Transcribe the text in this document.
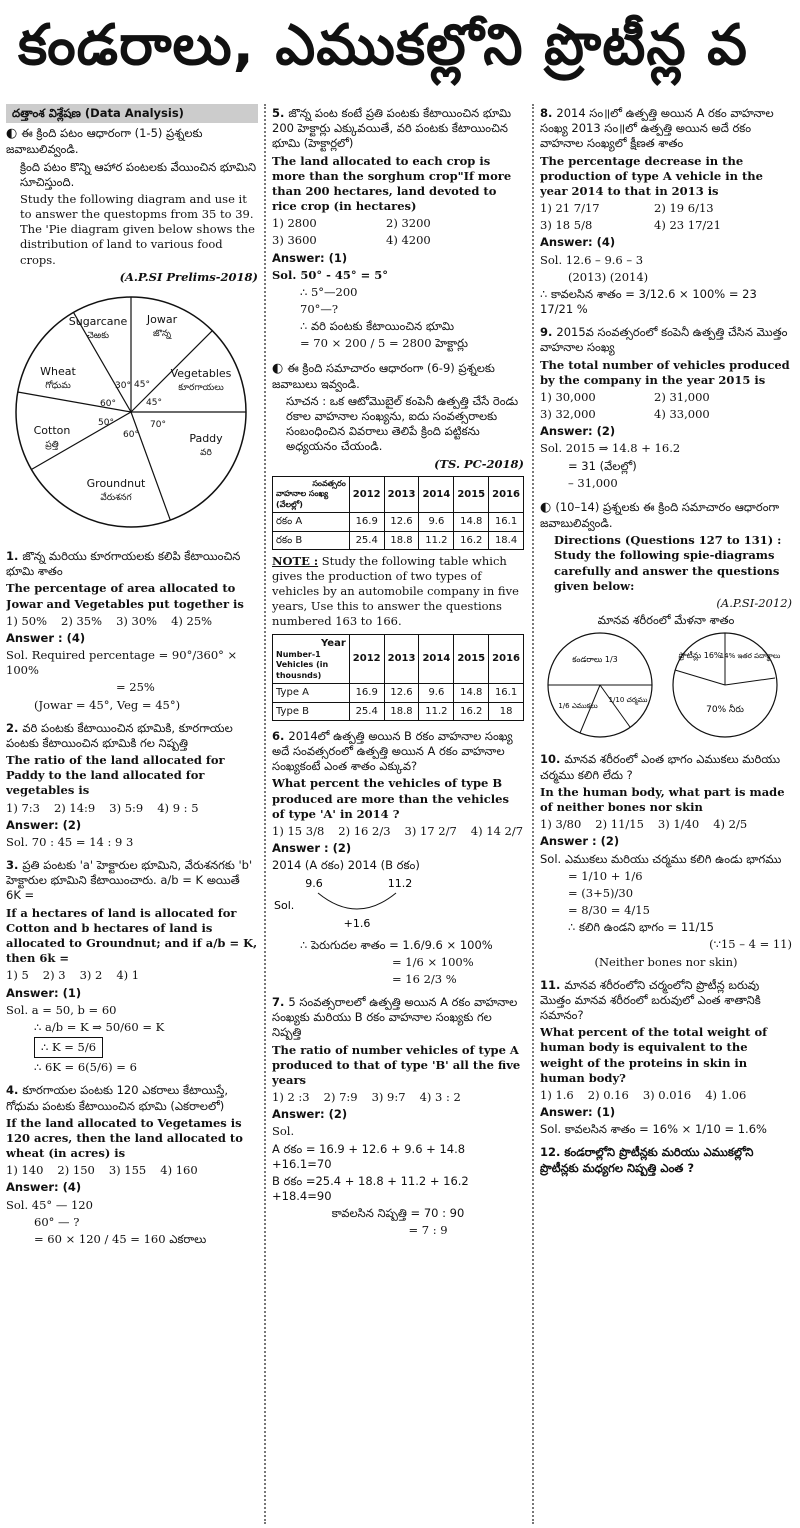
కండరాలు, ఎముకల్లోని ప్రొటీన్ల వ
దత్తాంశ విశ్లేషణ (Data Analysis)

◐ ఈ క్రింది పటం ఆధారంగా (1-5) ప్రశ్నలకు జవాబులివ్వండి.

క్రింది పటం కొన్ని ఆహార పంటలకు వేయించిన భూమిని సూచిస్తుంది.

Study the following diagram and use it to answer the questopms from 35 to 39. The 'Pie diagram given below shows the distribution of land to various food crops.

(A.P.SI Prelims-2018)

Sugarcane
చెఱకు
Jowar
జొన్న
Wheat
గోధుమ
Vegetables
కూరగాయలు
Cotton
ప్రత్తి	Paddy
వరి
Groundnut
వేరుశనగ
30° 45°
45°
60°
50°
60°
70°

1. జొన్న మరియు కూరగాయలకు కలిపి కేటాయించిన భూమి శాతం

The percentage of area allocated to Jowar and Vegetables put together is

1) 50% 2) 35% 3) 30% 4) 25%

Answer : (4)

Sol. Required percentage = 90°/360° × 100%

= 25%

(Jowar = 45°, Veg = 45°)

2. వరి పంటకు కేటాయించిన భూమికి, కూరగాయల పంటకు కేటాయించిన భూమికి గల నిష్పత్తి

The ratio of the land allocated for Paddy to the land allocated for vegetables is

1) 7:3 2) 14:9 3) 5:9 4) 9 : 5

Answer: (2)

Sol. 70 : 45 = 14 : 9 3

3. ప్రతి పంటకు 'a' హెక్టారుల భూమిని, వేరుశనగకు 'b' హెక్టారుల భూమిని కేటాయించారు. a/b = K అయితే 6K =

If a hectares of land is allocated for Cotton and b hectares of land is allocated to Groundnut; and if a/b = K, then 6k =

1) 5 2) 3 3) 2 4) 1

Answer: (1)

Sol. a = 50, b = 60

∴ a/b = K ⇒ 50/60 = K

∴ K = 5/6

∴ 6K = 6(5/6) = 6

4. కూరగాయల పంటకు 120 ఎకరాలు కేటాయిస్తే, గోధుమ పంటకు కేటాయించిన భూమి (ఎకరాలలో)

If the land allocated to Vegetames is 120 acres, then the land allocated to wheat (in acres) is

1) 140 2) 150 3) 155 4) 160

Answer: (4)

Sol. 45° — 120

60° — ?

= 60 × 120 / 45 = 160 ఎకరాలు

5. జొన్న పంట కంటే ప్రతి పంటకు కేటాయించిన భూమి 200 హెక్టార్లు ఎక్కువయితే, వరి పంటకు కేటాయించిన భూమి (హెక్టార్లలో)

The land allocated to each crop is more than the sorghum crop"If more than 200 hectares, land devoted to rice crop (in hectares)

1) 2800	2) 3200
3) 3600	4) 4200

Answer: (1)

Sol. 50° - 45° = 5°

∴ 5°—200

70°—?

∴ వరి పంటకు కేటాయించిన భూమి

= 70 × 200 / 5 = 2800 హెక్టార్లు

◐ ఈ క్రింది సమాచారం ఆధారంగా (6-9) ప్రశ్నలకు జవాబులు ఇవ్వండి.

సూచన : ఒక ఆటోమొబైల్ కంపెనీ ఉత్పత్తి చేసే రెండు రకాల వాహనాల సంఖ్యను, ఐదు సంవత్సరాలకు సంబంధించిన వివరాలు తెలిపే క్రింది పట్టికను అధ్యయనం చేయండి.

(TS. PC-2018)

సంవత్సరం
వాహనాల సంఖ్య (వేలల్లో)	2012	2013	2014	2015	2016
రకం A	16.9	12.6	9.6	14.8	16.1
రకం B	25.4	18.8	11.2	16.2	18.4

NOTE : Study the following table which gives the production of two types of vehicles by an automobile company in five years, Use this to answer the questions numbered 163 to 166.

Year
Number-1 Vehicles (in thousnds)	2012	2013	2014	2015	2016
Type A	16.9	12.6	9.6	14.8	16.1
Type B	25.4	18.8	11.2	16.2	18

6. 2014లో ఉత్పత్తి అయిన B రకం వాహనాల సంఖ్య అదే సంవత్సరంలో ఉత్పత్తి అయిన A రకం వాహనాల సంఖ్యకంటే ఎంత శాతం ఎక్కువ?

What percent the vehicles of type B produced are more than the vehicles of type 'A' in 2014 ?

1) 15 3/8 2) 16 2/3 3) 17 2/7 4) 14 2/7

Answer : (2)

2014 (A రకం) 2014 (B రకం)

9.6	11.2
Sol.
+1.6

∴ పెరుగుదల శాతం = 1.6/9.6 × 100%

= 1/6 × 100%

= 16 2/3 %

7. 5 సంవత్సరాలలో ఉత్పత్తి అయిన A రకం వాహనాల సంఖ్యకు మరియు B రకం వాహనాల సంఖ్యకు గల నిష్పత్తి

The ratio of number vehicles of type A produced to that of type 'B' all the five years

1) 2 :3 2) 7:9 3) 9:7 4) 3 : 2

Answer: (2)

Sol.

A రకం = 16.9 + 12.6 + 9.6 + 14.8 +16.1=70

B రకం =25.4 + 18.8 + 11.2 + 16.2 +18.4=90

కావలసిన నిష్పత్తి = 70 : 90

= 7 : 9

8. 2014 సం॥లో ఉత్పత్తి అయిన A రకం వాహనాల సంఖ్య 2013 సం॥లో ఉత్పత్తి అయిన అదే రకం వాహనాల సంఖ్యలో క్షీణత శాతం

The percentage decrease in the production of type A vehicle in the year 2014 to that in 2013 is

1) 21 7/17	2) 19 6/13
3) 18 5/8	4) 23 17/21

Answer: (4)

Sol. 12.6 – 9.6 – 3

(2013) (2014)

∴ కావలసిన శాతం = 3/12.6 × 100% = 23 17/21 %

9. 2015వ సంవత్సరంలో కంపెనీ ఉత్పత్తి చేసిన మొత్తం వాహనాల సంఖ్య

The total number of vehicles produced by the company in the year 2015 is

1) 30,000	2) 31,000
3) 32,000	4) 33,000

Answer: (2)

Sol. 2015 ⇒ 14.8 + 16.2

= 31 (వేలల్లో)

– 31,000

◐ (10–14) ప్రశ్నలకు ఈ క్రింది సమాచారం ఆధారంగా జవాబులివ్వండి.

Directions (Questions 127 to 131) : Study the following spie-diagrams carefully and answer the questions given below:

(A.P.SI-2012)

మానవ శరీరంలో మేళనా శాతం

కండరాలు 1/3
1/10 చర్మము
1/6 ఎముకలు
ప్రొటీన్లు 16%
14% ఇతర పదార్థాలు
70% నీరు

10. మానవ శరీరంలో ఎంత భాగం ఎముకలు మరియు చర్మము కలిగి లేదు ?

In the human body, what part is made of neither bones nor skin

1) 3/80 2) 11/15 3) 1/40 4) 2/5

Answer : (2)

Sol. ఎముకలు మరియు చర్మము కలిగి ఉండు భాగము

= 1/10 + 1/6

= (3+5)/30

= 8/30 = 4/15

∴ కలిగి ఉండని భాగం = 11/15

(∵15 – 4 = 11)

(Neither bones nor skin)

11. మానవ శరీరంలోని చర్మంలోని ప్రొటీన్ల బరువు మొత్తం మానవ శరీరంలో బరువులో ఎంత శాతానికి సమానం?

What percent of the total weight of human body is equivalent to the weight of the proteins in skin in human body?

1) 1.6 2) 0.16 3) 0.016 4) 1.06

Answer: (1)

Sol. కావలసిన శాతం = 16% × 1/10 = 1.6%

12. కండరాల్లోని ప్రొటీన్లకు మరియు ఎముకల్లోని ప్రొటీన్లకు మధ్యగల నిష్పత్తి ఎంత ?
